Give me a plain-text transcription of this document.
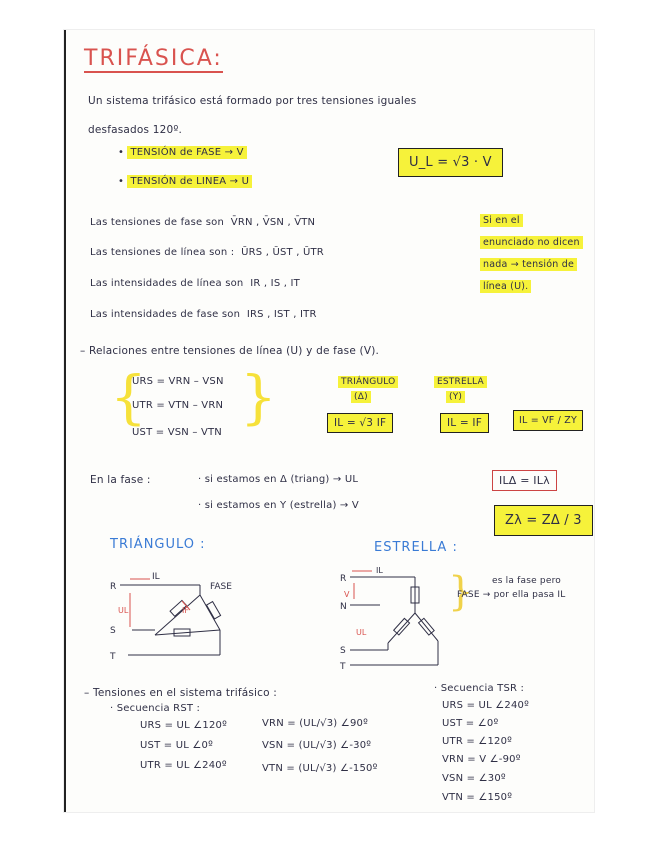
TRIFÁSICA:
Un sistema trifásico está formado por tres tensiones iguales
desfasados 120º.
• TENSIÓN de FASE → V
• TENSIÓN de LINEA → U
U_L = √3 · V
Las tensiones de fase son V̄RN , V̄SN , V̄TN
Las tensiones de línea son : ŪRS , ŪST , ŪTR
Las intensidades de línea son IR , IS , IT
Las intensidades de fase son IRS , IST , ITR
Si en el
enunciado no dicen
nada → tensión de
línea (U).
– Relaciones entre tensiones de línea (U) y de fase (V).
{ }
URS = VRN – VSN
UTR = VTN – VRN
UST = VSN – VTN
TRIÁNGULO
(Δ)
ESTRELLA
(Y)
IL = √3 IF	IL = IF	IL = VF / ZY
En la fase :	· si estamos en Δ (triang) → UL
· si estamos en Y (estrella) → V
ILΔ = ILλ
Zλ = ZΔ / 3
TRIÁNGULO :	ESTRELLA :
R
S
T
IL
UL	IF
FASE
R
V
N
S
T
IL
UL
} es la fase pero
FASE → por ella pasa IL
– Tensiones en el sistema trifásico :
· Secuencia RST :
URS = UL ∠120º
UST = UL ∠0º
UTR = UL ∠240º
VRN = (UL/√3) ∠90º
VSN = (UL/√3) ∠-30º
VTN = (UL/√3) ∠-150º
· Secuencia TSR :
URS = UL ∠240º
UST = ∠0º
UTR = ∠120º
VRN = V ∠-90º
VSN = ∠30º
VTN = ∠150º
